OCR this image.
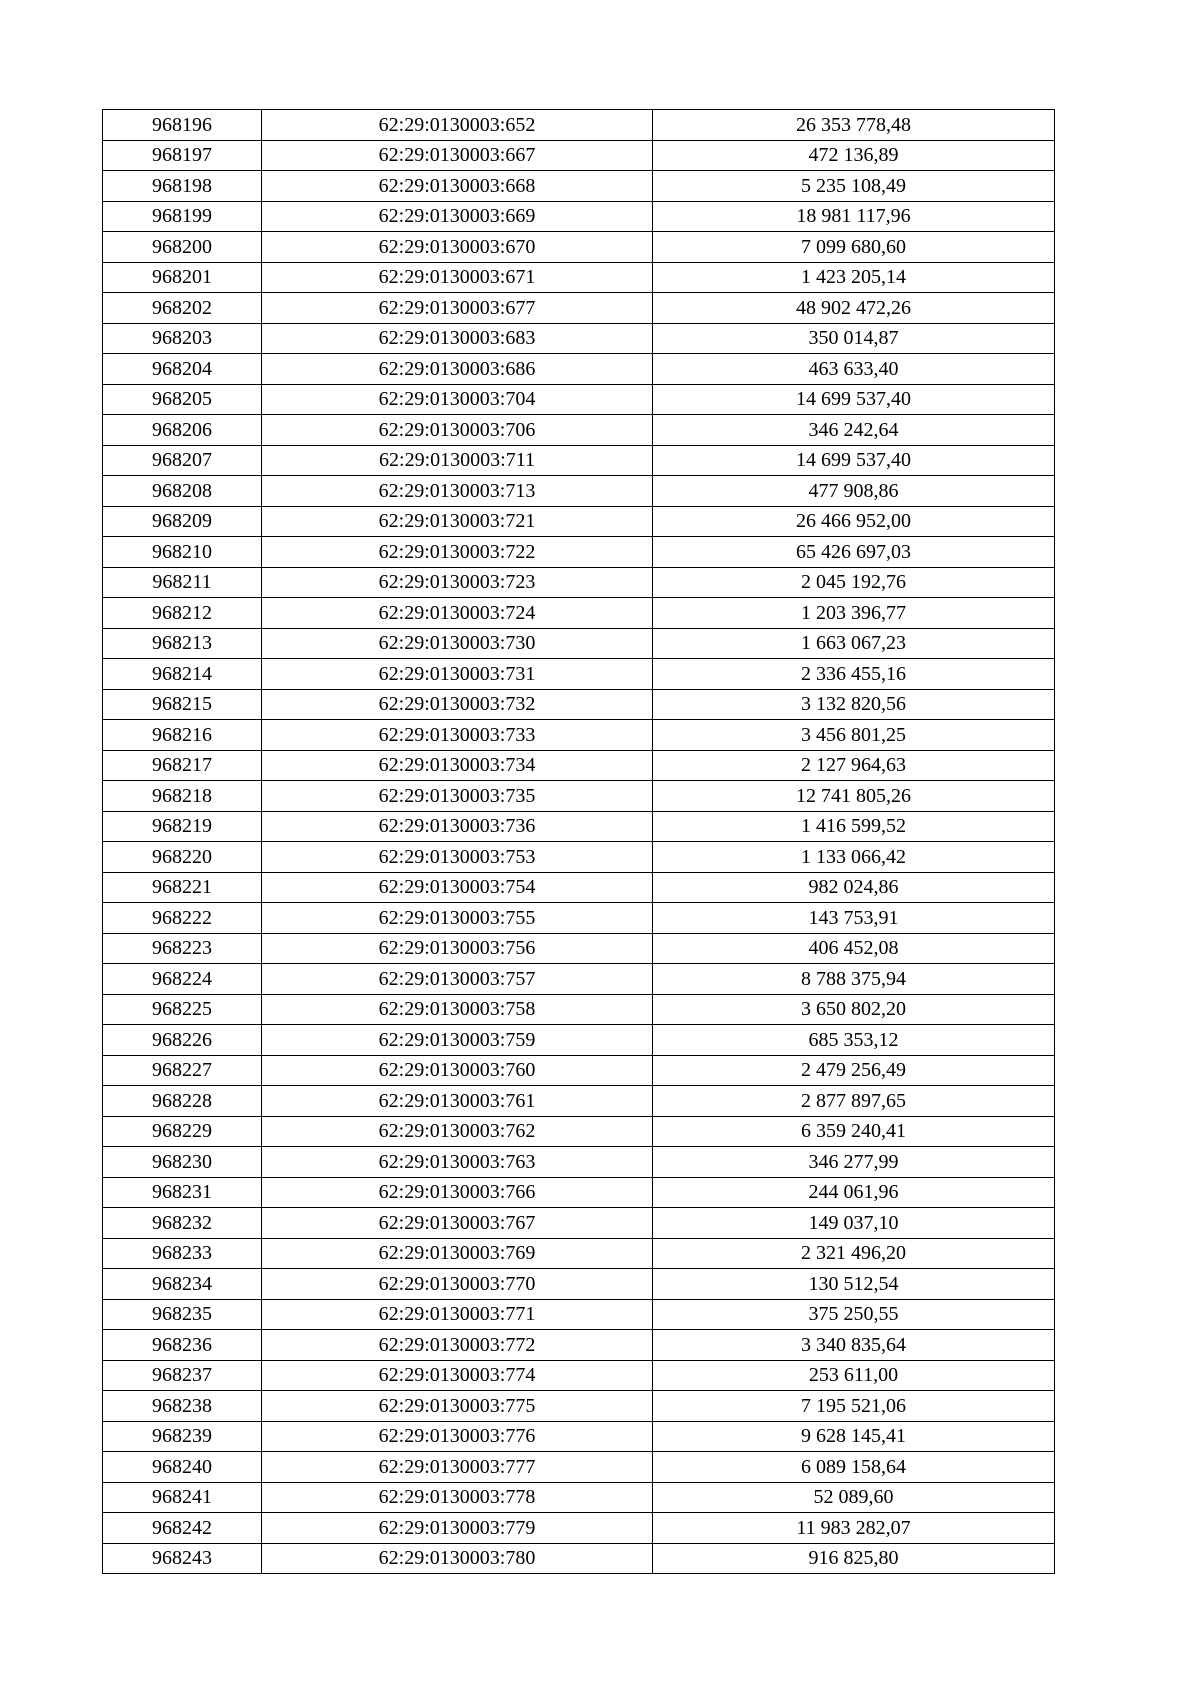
968196	62:29:0130003:652	26 353 778,48
968197	62:29:0130003:667	472 136,89
968198	62:29:0130003:668	5 235 108,49
968199	62:29:0130003:669	18 981 117,96
968200	62:29:0130003:670	7 099 680,60
968201	62:29:0130003:671	1 423 205,14
968202	62:29:0130003:677	48 902 472,26
968203	62:29:0130003:683	350 014,87
968204	62:29:0130003:686	463 633,40
968205	62:29:0130003:704	14 699 537,40
968206	62:29:0130003:706	346 242,64
968207	62:29:0130003:711	14 699 537,40
968208	62:29:0130003:713	477 908,86
968209	62:29:0130003:721	26 466 952,00
968210	62:29:0130003:722	65 426 697,03
968211	62:29:0130003:723	2 045 192,76
968212	62:29:0130003:724	1 203 396,77
968213	62:29:0130003:730	1 663 067,23
968214	62:29:0130003:731	2 336 455,16
968215	62:29:0130003:732	3 132 820,56
968216	62:29:0130003:733	3 456 801,25
968217	62:29:0130003:734	2 127 964,63
968218	62:29:0130003:735	12 741 805,26
968219	62:29:0130003:736	1 416 599,52
968220	62:29:0130003:753	1 133 066,42
968221	62:29:0130003:754	982 024,86
968222	62:29:0130003:755	143 753,91
968223	62:29:0130003:756	406 452,08
968224	62:29:0130003:757	8 788 375,94
968225	62:29:0130003:758	3 650 802,20
968226	62:29:0130003:759	685 353,12
968227	62:29:0130003:760	2 479 256,49
968228	62:29:0130003:761	2 877 897,65
968229	62:29:0130003:762	6 359 240,41
968230	62:29:0130003:763	346 277,99
968231	62:29:0130003:766	244 061,96
968232	62:29:0130003:767	149 037,10
968233	62:29:0130003:769	2 321 496,20
968234	62:29:0130003:770	130 512,54
968235	62:29:0130003:771	375 250,55
968236	62:29:0130003:772	3 340 835,64
968237	62:29:0130003:774	253 611,00
968238	62:29:0130003:775	7 195 521,06
968239	62:29:0130003:776	9 628 145,41
968240	62:29:0130003:777	6 089 158,64
968241	62:29:0130003:778	52 089,60
968242	62:29:0130003:779	11 983 282,07
968243	62:29:0130003:780	916 825,80
